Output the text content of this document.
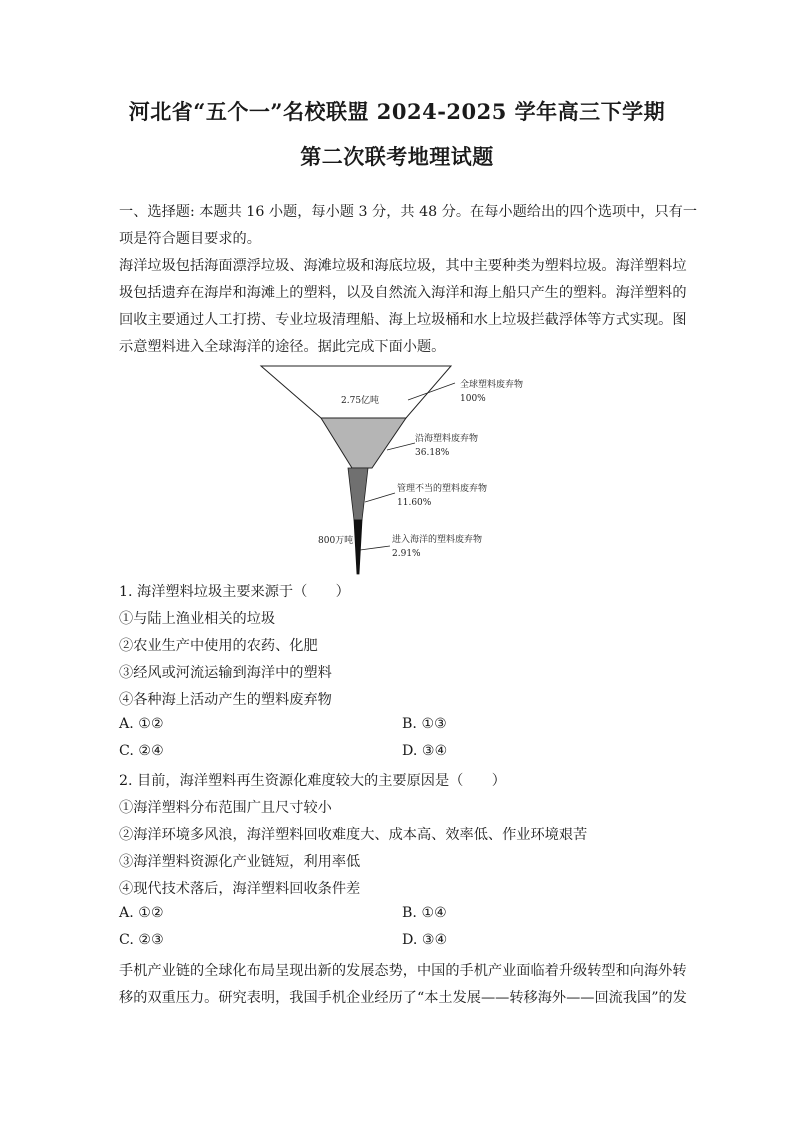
河北省“五个一”名校联盟 2024-2025 学年高三下学期
第二次联考地理试题
一、选择题: 本题共 16 小题，每小题 3 分，共 48 分。在每小题给出的四个选项中，只有一
项是符合题目要求的。
海洋垃圾包括海面漂浮垃圾、海滩垃圾和海底垃圾，其中主要种类为塑料垃圾。海洋塑料垃
圾包括遗弃在海岸和海滩上的塑料，以及自然流入海洋和海上船只产生的塑料。海洋塑料的
回收主要通过人工打捞、专业垃圾清理船、海上垃圾桶和水上垃圾拦截浮体等方式实现。图
示意塑料进入全球海洋的途径。据此完成下面小题。
2.75亿吨
800万吨
全球塑料废弃物
100%
沿海塑料废弃物
36.18%
管理不当的塑料废弃物
11.60%
进入海洋的塑料废弃物
2.91%
1. 海洋塑料垃圾主要来源于（　　）
①与陆上渔业相关的垃圾
②农业生产中使用的农药、化肥
③经风或河流运输到海洋中的塑料
④各种海上活动产生的塑料废弃物
A. ①②	B. ①③
C. ②④	D. ③④
2. 目前，海洋塑料再生资源化难度较大的主要原因是（　　）
①海洋塑料分布范围广且尺寸较小
②海洋环境多风浪，海洋塑料回收难度大、成本高、效率低、作业环境艰苦
③海洋塑料资源化产业链短，利用率低
④现代技术落后，海洋塑料回收条件差
A. ①②	B. ①④
C. ②③	D. ③④
手机产业链的全球化布局呈现出新的发展态势，中国的手机产业面临着升级转型和向海外转
移的双重压力。研究表明，我国手机企业经历了“本土发展——转移海外——回流我国”的发
